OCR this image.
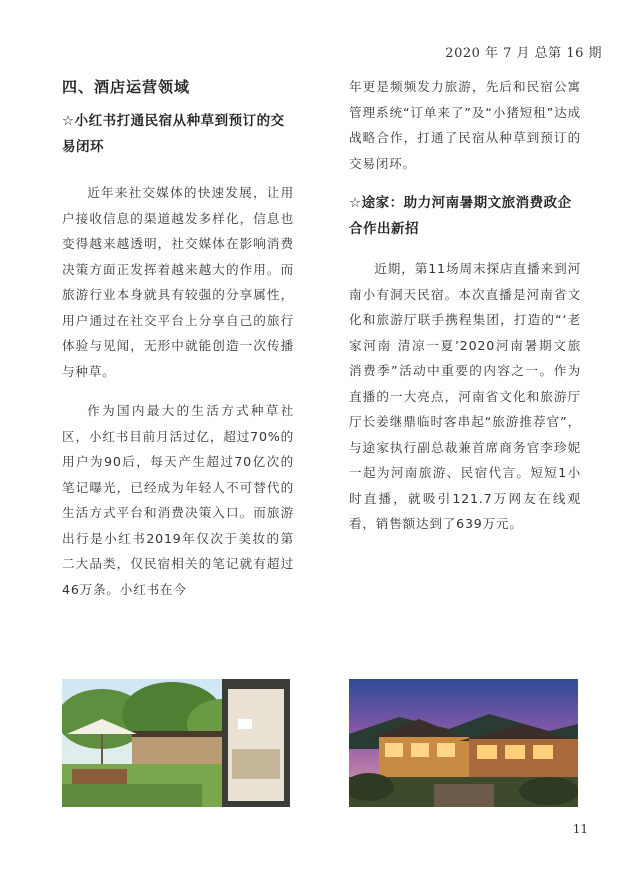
2020 年 7 月 总第 16 期
四、酒店运营领域
☆小红书打通民宿从种草到预订的交易闭环

近年来社交媒体的快速发展，让用户接收信息的渠道越发多样化，信息也变得越来越透明，社交媒体在影响消费决策方面正发挥着越来越大的作用。而旅游行业本身就具有较强的分享属性，用户通过在社交平台上分享自己的旅行体验与见闻，无形中就能创造一次传播与种草。

作为国内最大的生活方式种草社区，小红书目前月活过亿，超过70%的用户为90后，每天产生超过70亿次的笔记曝光，已经成为年轻人不可替代的生活方式平台和消费决策入口。而旅游出行是小红书2019年仅次于美妆的第二大品类，仅民宿相关的笔记就有超过46万条。小红书在今

年更是频频发力旅游，先后和民宿公寓管理系统“订单来了”及“小猪短租”达成战略合作，打通了民宿从种草到预订的交易闭环。

☆途家：助力河南暑期文旅消费政企合作出新招

近期，第11场周末探店直播来到河南小有洞天民宿。本次直播是河南省文化和旅游厅联手携程集团，打造的“‘老家河南 清凉一夏’2020河南暑期文旅消费季”活动中重要的内容之一。作为直播的一大亮点，河南省文化和旅游厅厅长姜继鼎临时客串起“旅游推荐官”，与途家执行副总裁兼首席商务官李珍妮一起为河南旅游、民宿代言。短短1小时直播，就吸引121.7万网友在线观看，销售额达到了639万元。

11
